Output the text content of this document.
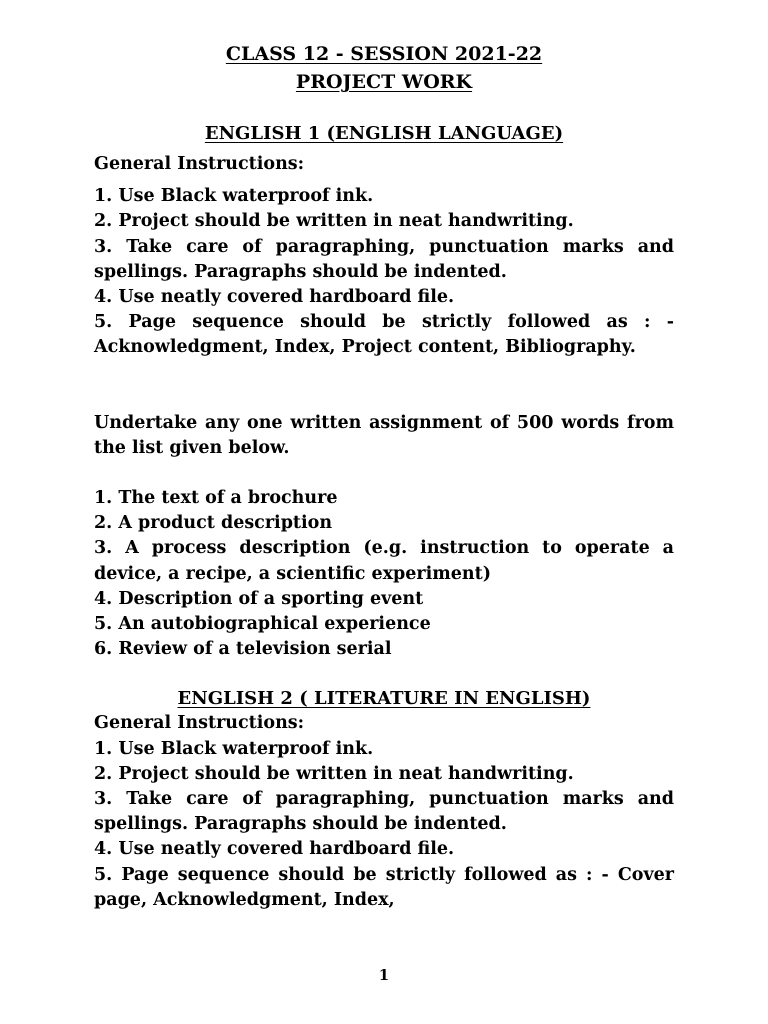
CLASS 12 - SESSION 2021-22
PROJECT WORK
ENGLISH 1 (ENGLISH LANGUAGE)
General Instructions:
1. Use Black waterproof ink.
2. Project should be written in neat handwriting.
3. Take care of paragraphing, punctuation marks and
spellings. Paragraphs should be indented.
4. Use neatly covered hardboard file.
5. Page sequence should be strictly followed as : -
Acknowledgment, Index, Project content, Bibliography.
Undertake any one written assignment of 500 words from
the list given below.
1. The text of a brochure
2. A product description
3. A process description (e.g. instruction to operate a
device, a recipe, a scientific experiment)
4. Description of a sporting event
5. An autobiographical experience
6. Review of a television serial
ENGLISH 2 ( LITERATURE IN ENGLISH)
General Instructions:
1. Use Black waterproof ink.
2. Project should be written in neat handwriting.
3. Take care of paragraphing, punctuation marks and
spellings. Paragraphs should be indented.
4. Use neatly covered hardboard file.
5. Page sequence should be strictly followed as : - Cover
page, Acknowledgment, Index,
1
